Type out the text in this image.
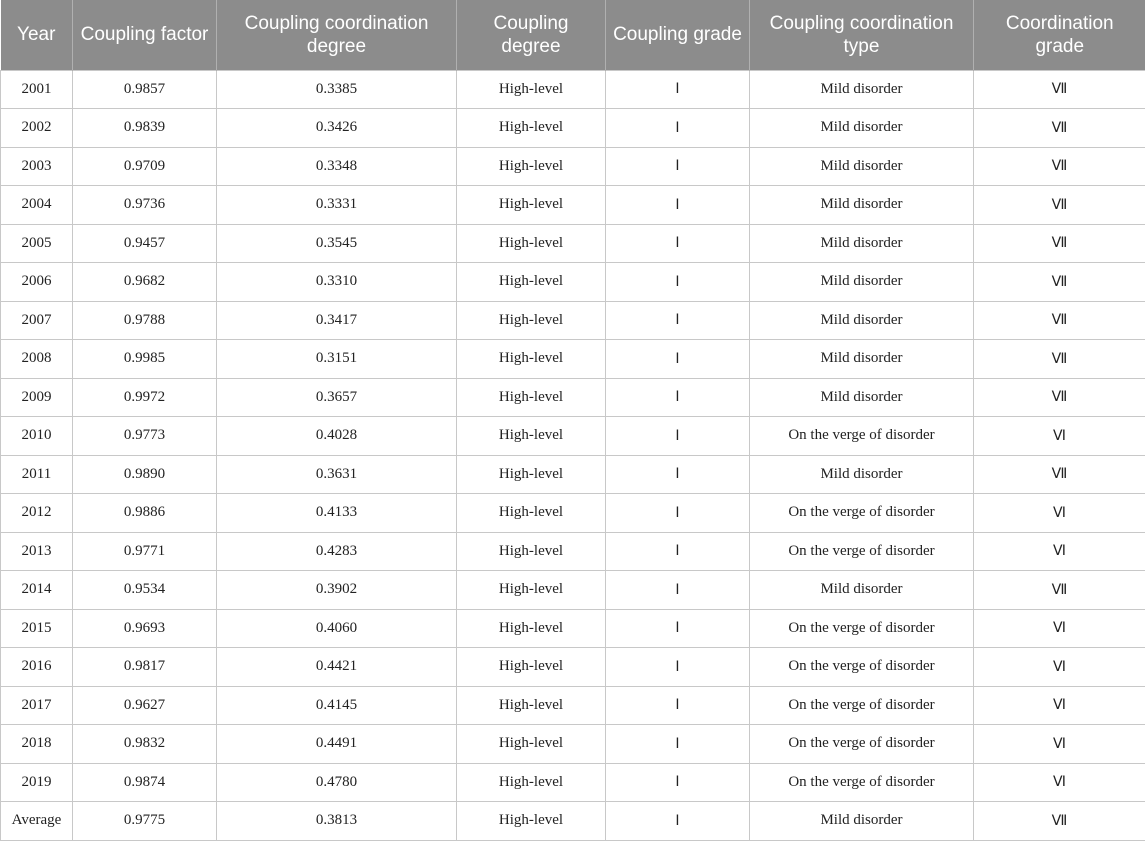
Year	Coupling factor	Coupling coordination degree	Coupling degree	Coupling grade	Coupling coordination type	Coordination grade
2001	0.9857	0.3385	High-level	Ⅰ	Mild disorder	Ⅶ
2002	0.9839	0.3426	High-level	Ⅰ	Mild disorder	Ⅶ
2003	0.9709	0.3348	High-level	Ⅰ	Mild disorder	Ⅶ
2004	0.9736	0.3331	High-level	Ⅰ	Mild disorder	Ⅶ
2005	0.9457	0.3545	High-level	Ⅰ	Mild disorder	Ⅶ
2006	0.9682	0.3310	High-level	Ⅰ	Mild disorder	Ⅶ
2007	0.9788	0.3417	High-level	Ⅰ	Mild disorder	Ⅶ
2008	0.9985	0.3151	High-level	Ⅰ	Mild disorder	Ⅶ
2009	0.9972	0.3657	High-level	Ⅰ	Mild disorder	Ⅶ
2010	0.9773	0.4028	High-level	Ⅰ	On the verge of disorder	Ⅵ
2011	0.9890	0.3631	High-level	Ⅰ	Mild disorder	Ⅶ
2012	0.9886	0.4133	High-level	Ⅰ	On the verge of disorder	Ⅵ
2013	0.9771	0.4283	High-level	Ⅰ	On the verge of disorder	Ⅵ
2014	0.9534	0.3902	High-level	Ⅰ	Mild disorder	Ⅶ
2015	0.9693	0.4060	High-level	Ⅰ	On the verge of disorder	Ⅵ
2016	0.9817	0.4421	High-level	Ⅰ	On the verge of disorder	Ⅵ
2017	0.9627	0.4145	High-level	Ⅰ	On the verge of disorder	Ⅵ
2018	0.9832	0.4491	High-level	Ⅰ	On the verge of disorder	Ⅵ
2019	0.9874	0.4780	High-level	Ⅰ	On the verge of disorder	Ⅵ
Average	0.9775	0.3813	High-level	Ⅰ	Mild disorder	Ⅶ
